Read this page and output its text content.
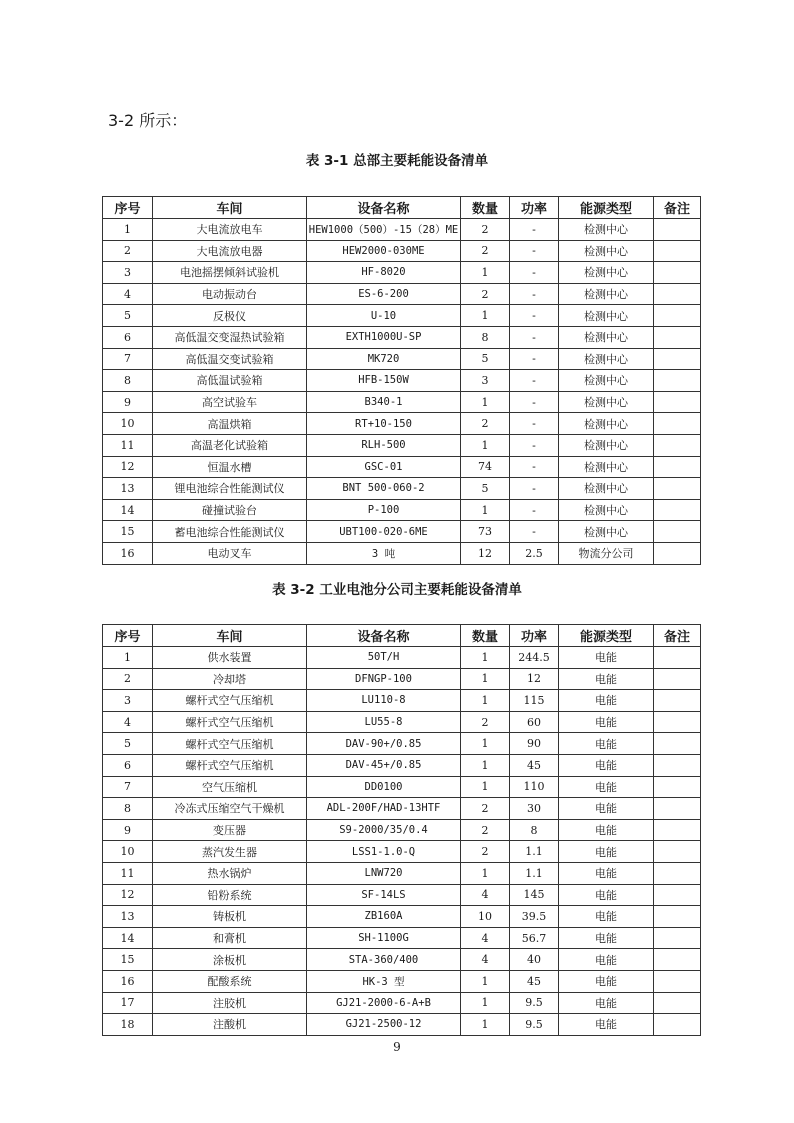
3-2 所示：
表 3-1 总部主要耗能设备清单
序号	车间	设备名称	数量	功率	能源类型	备注
1	大电流放电车	HEW1000（500）-15（28）ME	2	-	检测中心	
2	大电流放电器	HEW2000-030ME	2	-	检测中心	
3	电池摇摆倾斜试验机	HF-8020	1	-	检测中心	
4	电动振动台	ES-6-200	2	-	检测中心	
5	反极仪	U-10	1	-	检测中心	
6	高低温交变湿热试验箱	EXTH1000U-SP	8	-	检测中心	
7	高低温交变试验箱	MK720	5	-	检测中心	
8	高低温试验箱	HFB-150W	3	-	检测中心	
9	高空试验车	B340-1	1	-	检测中心	
10	高温烘箱	RT+10-150	2	-	检测中心	
11	高温老化试验箱	RLH-500	1	-	检测中心	
12	恒温水槽	GSC-01	74	-	检测中心	
13	锂电池综合性能测试仪	BNT 500-060-2	5	-	检测中心	
14	碰撞试验台	P-100	1	-	检测中心	
15	蓄电池综合性能测试仪	UBT100-020-6ME	73	-	检测中心	
16	电动叉车	3 吨	12	2.5	物流分公司	
表 3-2 工业电池分公司主要耗能设备清单
序号	车间	设备名称	数量	功率	能源类型	备注
1	供水装置	50T/H	1	244.5	电能	
2	冷却塔	DFNGP-100	1	12	电能	
3	螺杆式空气压缩机	LU110-8	1	115	电能	
4	螺杆式空气压缩机	LU55-8	2	60	电能	
5	螺杆式空气压缩机	DAV-90+/0.85	1	90	电能	
6	螺杆式空气压缩机	DAV-45+/0.85	1	45	电能	
7	空气压缩机	DD0100	1	110	电能	
8	冷冻式压缩空气干燥机	ADL-200F/HAD-13HTF	2	30	电能	
9	变压器	S9-2000/35/0.4	2	8	电能	
10	蒸汽发生器	LSS1-1.0-Q	2	1.1	电能	
11	热水锅炉	LNW720	1	1.1	电能	
12	铅粉系统	SF-14LS	4	145	电能	
13	铸板机	ZB160A	10	39.5	电能	
14	和膏机	SH-1100G	4	56.7	电能	
15	涂板机	STA-360/400	4	40	电能	
16	配酸系统	HK-3 型	1	45	电能	
17	注胶机	GJ21-2000-6-A+B	1	9.5	电能	
18	注酸机	GJ21-2500-12	1	9.5	电能	
9
